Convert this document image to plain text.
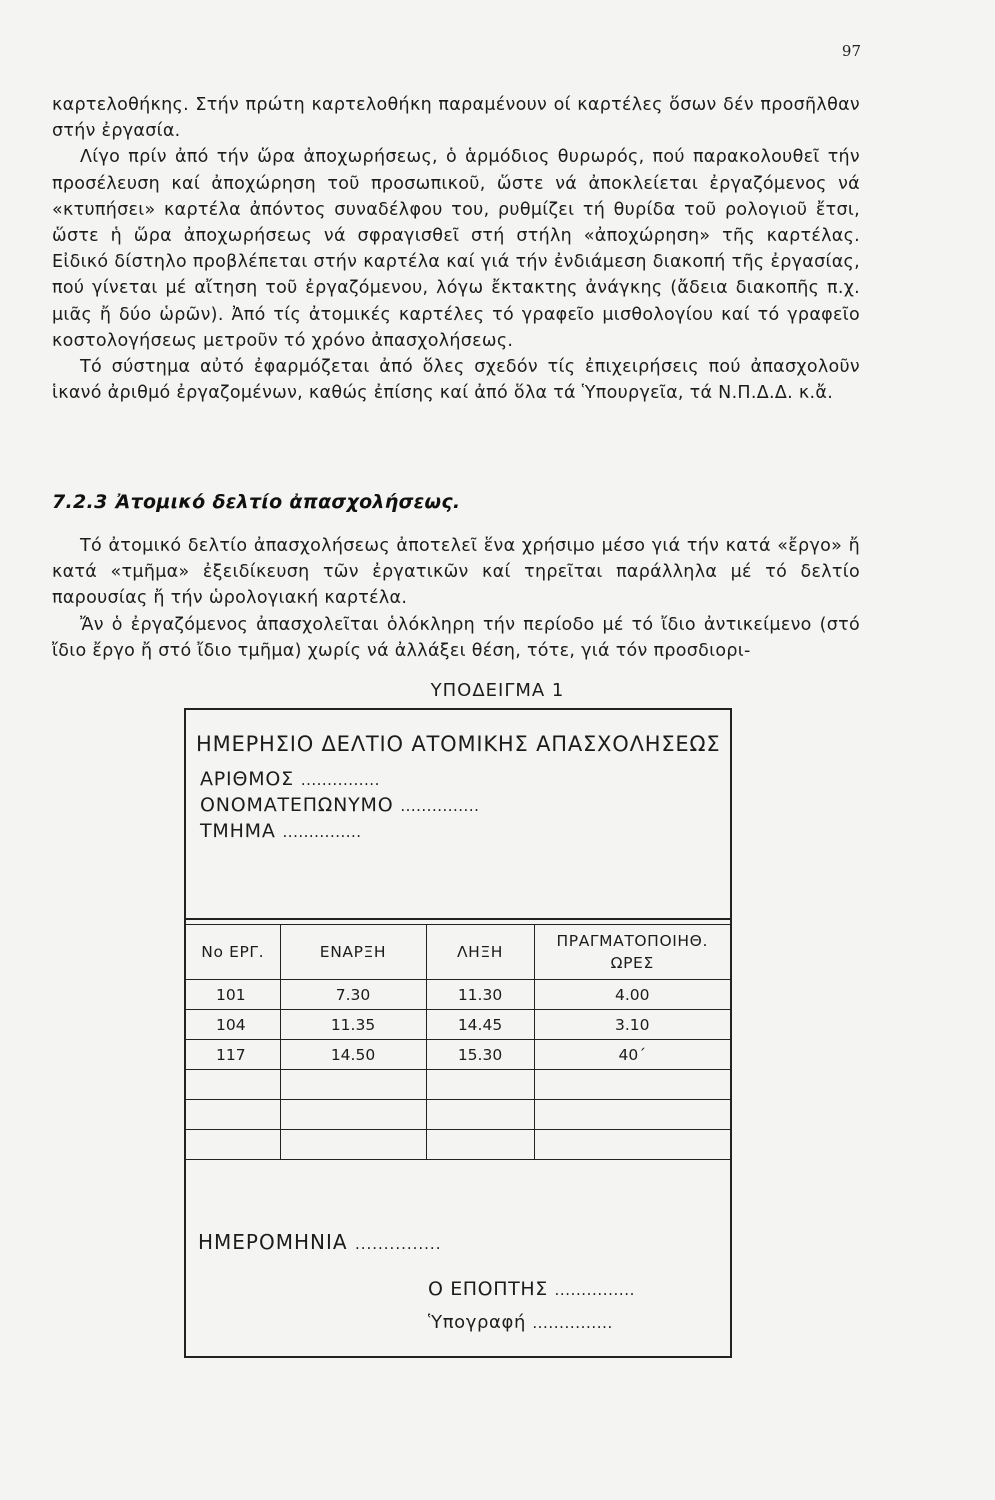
97

καρτελοθήκης. Στήν πρώτη καρτελοθήκη παραμένουν οί καρτέλες ὅσων δέν προσῆλθαν στήν ἐργασία.

Λίγο πρίν ἀπό τήν ὥρα ἀποχωρήσεως, ὁ ἁρμόδιος θυρωρός, πού παρακολουθεῖ τήν προσέλευση καί ἀποχώρηση τοῦ προσωπικοῦ, ὥστε νά ἀποκλείεται ἐργαζόμενος νά «κτυπήσει» καρτέλα ἀπόντος συναδέλφου του, ρυθμίζει τή θυρίδα τοῦ ρολογιοῦ ἔτσι, ὥστε ἡ ὥρα ἀποχωρήσεως νά σφραγισθεῖ στή στήλη «ἀποχώρηση» τῆς καρτέλας. Εἰδικό δίστηλο προβλέπεται στήν καρτέλα καί γιά τήν ἐνδιάμεση διακοπή τῆς ἐργασίας, πού γίνεται μέ αἴτηση τοῦ ἐργαζόμενου, λόγω ἔκτακτης ἀνάγκης (ἄδεια διακοπῆς π.χ. μιᾶς ἤ δύο ὡρῶν). Ἀπό τίς ἀτομικές καρτέλες τό γραφεῖο μισθολογίου καί τό γραφεῖο κοστολογήσεως μετροῦν τό χρόνο ἀπασχολήσεως.

Τό σύστημα αὐτό ἐφαρμόζεται ἀπό ὅλες σχεδόν τίς ἐπιχειρήσεις πού ἀπασχολοῦν ἱκανό ἀριθμό ἐργαζομένων, καθώς ἐπίσης καί ἀπό ὅλα τά Ὑπουργεῖα, τά Ν.Π.Δ.Δ. κ.ἄ.

7.2.3 Ἀτομικό δελτίο ἀπασχολήσεως.

Τό ἀτομικό δελτίο ἀπασχολήσεως ἀποτελεῖ ἕνα χρήσιμο μέσο γιά τήν κατά «ἔργο» ἤ κατά «τμῆμα» ἐξειδίκευση τῶν ἐργατικῶν καί τηρεῖται παράλληλα μέ τό δελτίο παρουσίας ἤ τήν ὡρολογιακή καρτέλα.

Ἄν ὁ ἐργαζόμενος ἀπασχολεῖται ὁλόκληρη τήν περίοδο μέ τό ἴδιο ἀντικείμενο (στό ἴδιο ἔργο ἤ στό ἴδιο τμῆμα) χωρίς νά ἀλλάξει θέση, τότε, γιά τόν προσδιορι-

ΥΠΟΔΕΙΓΜΑ 1
ΗΜΕΡΗΣΙΟ ΔΕΛΤΙΟ ΑΤΟΜΙΚΗΣ ΑΠΑΣΧΟΛΗΣΕΩΣ
ΑΡΙΘΜΟΣ ...............
ΟΝΟΜΑΤΕΠΩΝΥΜΟ ...............
ΤΜΗΜΑ ...............
Νο ΕΡΓ.	ΕΝΑΡΞΗ	ΛΗΞΗ	ΠΡΑΓΜΑΤΟΠΟΙΗΘ.
ΩΡΕΣ

101	7.30	11.30	4.00
104	11.35	14.45	3.10
117	14.50	15.30	40΄

ΗΜΕΡΟΜΗΝΙΑ ...............
Ο ΕΠΟΠΤΗΣ ...............
Ὑπογραφή ...............
